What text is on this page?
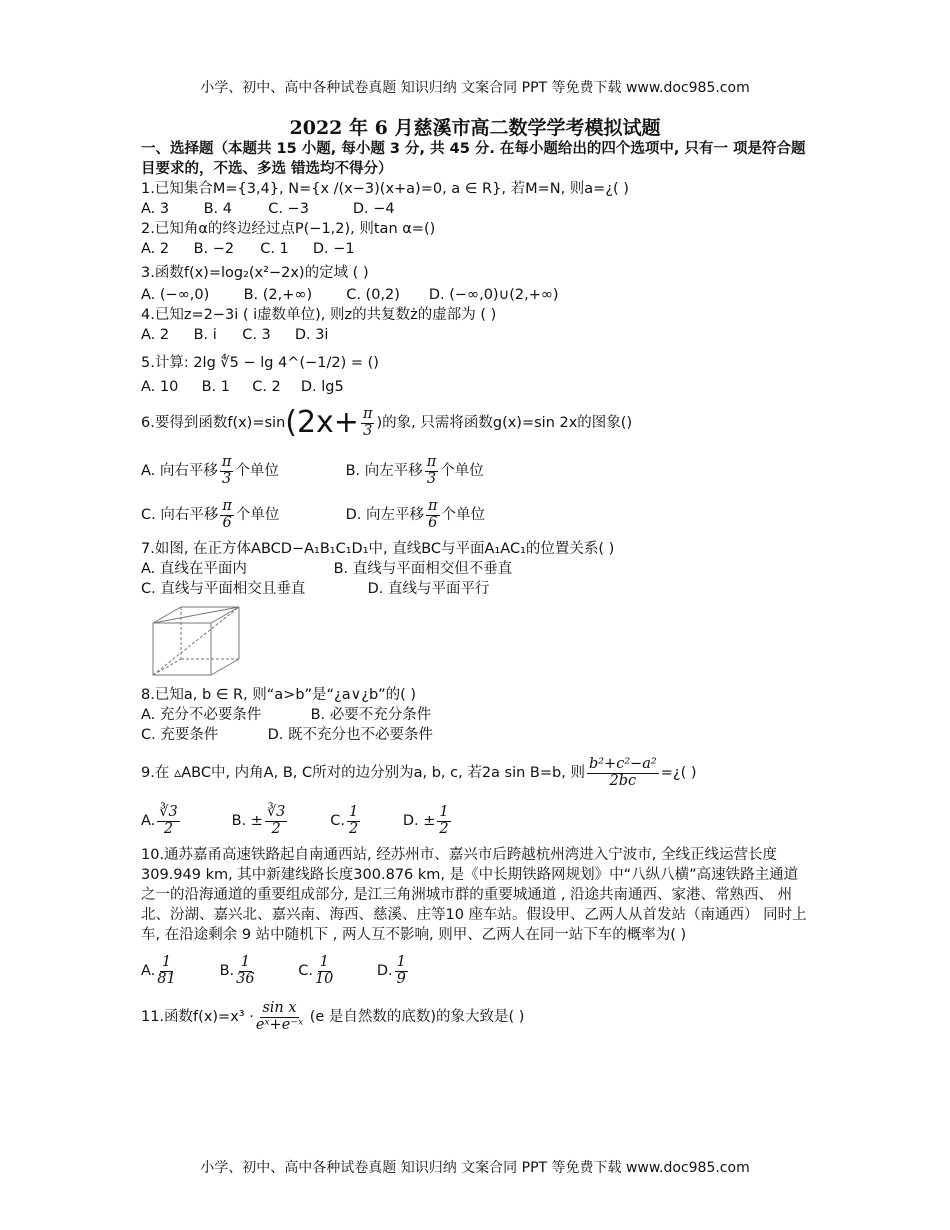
小学、初中、高中各种试卷真题 知识归纳 文案合同 PPT 等免费下载 www.doc985.com
2022 年 6 月慈溪市高二数学学考模拟试题
一、选择题（本题共 15 小题, 每小题 3 分, 共 45 分. 在每小题给出的四个选项中, 只有一 项是符合题目要求的，不选、多选 错选均不得分）
1.已知集合M={3,4}, N={x /(x−3)(x+a)=0, a ∈ R}, 若M=N, 则a=¿( )
A. 3 B. 4 C. −3	D. −4
2.已知角α的终边经过点P(−1,2), 则tan α=()
A. 2 B. −2 C. 1 D. −1
3.函数f(x)=log₂(x²−2x)的定域 ( )
A. (−∞,0) B. (2,+∞) C. (0,2) D. (−∞,0)∪(2,+∞)
4.已知z=2−3i ( i虚数单位), 则z的共复数ż的虚部为 ( )
A. 2 B. i C. 3 D. 3i
5.计算: 2lg ∜5 − lg 4^(−1/2) = ()
A. 10 B. 1 C. 2 D. lg5
6.要得到函数$f(x)=\sin(2x+ \frac{\pi}{3}$ )的象, 只需将函数g(x)=sin 2x的图象()
A. 向右平移 $\frac{\pi}{3}$ 个单位	B. 向左平移 $\frac{\pi}{3}$ 个单位
C. 向右平移 $\frac{\pi}{6}$ 个单位	D. 向左平移 $\frac{\pi}{6}$ 个单位
7.如图, 在正方体ABCD−A₁B₁C₁D₁中, 直线BC与平面A₁AC₁的位置关系( )
A. 直线在平面内	B. 直线与平面相交但不垂直
C. 直线与平面相交且垂直	D. 直线与平面平行
8.已知a, b ∈ R, 则“a>b”是“¿a∨¿b”的( )
A. 充分不必要条件	B. 必要不充分条件
C. 充要条件	D. 既不充分也不必要条件
9.在 ▵ABC中, 内角A, B, C所对的边分别为a, b, c, 若2a sin B=b, 则 $\frac{\text{b²+c²−a²}}{2bc}$ =¿( )
A. $\frac{∛3}{2}$	B. ± $\frac{∛3}{2}$	C. $\frac{1}{2}$	D. ± $\frac{1}{2}$
10.通苏嘉甬高速铁路起自南通西站, 经苏州市、嘉兴市后跨越杭州湾进入宁波市, 全线正线运营长度309.949 km, 其中新建线路长度300.876 km, 是《中长期铁路网规划》中“八纵八横”高速铁路主通道之一的沿海通道的重要组成部分, 是江三角洲城市群的重要城通道 , 沿途共南通西、家港、常熟西、 州北、汾湖、嘉兴北、嘉兴南、海西、慈溪、庄等10 座车站。假设甲、乙两人从首发站（南通西） 同时上车, 在沿途剩余 9 站中随机下 , 两人互不影响, 则甲、乙两人在同一站下车的概率为( )
A. $\frac{1}{81}$	B. $\frac{1}{36}$	C. $\frac{1}{10}$	D. $\frac{1}{9}$
11.函数$f(x)=x^3 \cdot \frac{\text{sin x}}{\text{eˣ+e⁻ˣ}} (e$ 是自然数的底数)的象大致是( )
小学、初中、高中各种试卷真题 知识归纳 文案合同 PPT 等免费下载 www.doc985.com
